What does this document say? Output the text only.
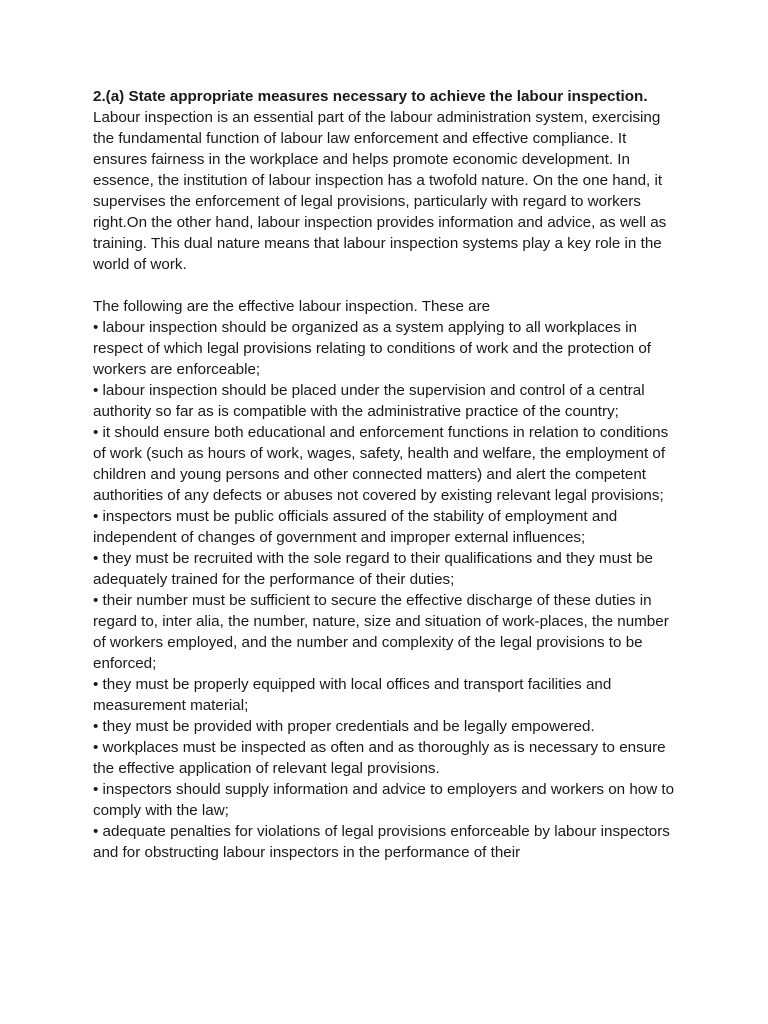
2.(a) State appropriate measures necessary to achieve the labour inspection.

Labour inspection is an essential part of the labour administration system, exercising the fundamental function of labour law enforcement and effective compliance. It ensures fairness in the workplace and helps promote economic development. In essence, the institution of labour inspection has a twofold nature. On the one hand, it supervises the enforcement of legal provisions, particularly with regard to workers right.On the other hand, labour inspection provides information and advice, as well as training. This dual nature means that labour inspection systems play a key role in the world of work.

The following are the effective labour inspection. These are

• labour inspection should be organized as a system applying to all workplaces in respect of which legal provisions relating to conditions of work and the protection of workers are enforceable;

• labour inspection should be placed under the supervision and control of a central authority so far as is compatible with the administrative practice of the country;

• it should ensure both educational and enforcement functions in relation to conditions of work (such as hours of work, wages, safety, health and welfare, the employment of children and young persons and other connected matters) and alert the competent authorities of any defects or abuses not covered by existing relevant legal provisions;

• inspectors must be public officials assured of the stability of employment and independent of changes of government and improper external influences;

• they must be recruited with the sole regard to their qualifications and they must be adequately trained for the performance of their duties;

• their number must be sufficient to secure the effective discharge of these duties in regard to, inter alia, the number, nature, size and situation of work-places, the number of workers employed, and the number and complexity of the legal provisions to be enforced;

• they must be properly equipped with local offices and transport facilities and measurement material;

• they must be provided with proper credentials and be legally empowered.

• workplaces must be inspected as often and as thoroughly as is necessary to ensure the effective application of relevant legal provisions.

• inspectors should supply information and advice to employers and workers on how to comply with the law;

• adequate penalties for violations of legal provisions enforceable by labour inspectors and for obstructing labour inspectors in the performance of their
